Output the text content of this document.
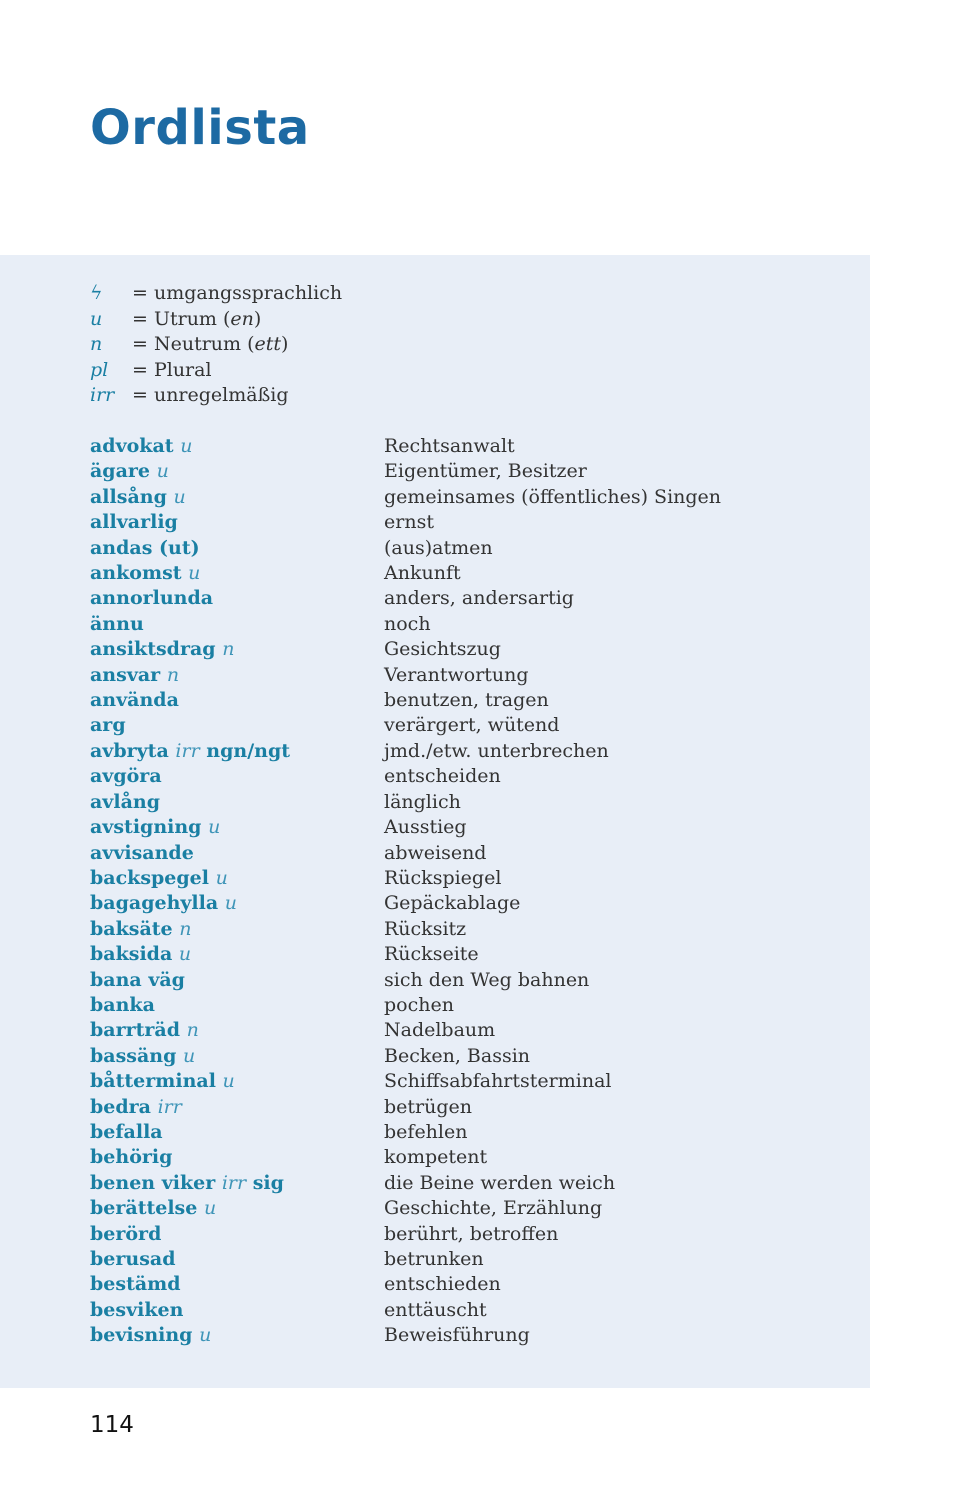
Ordlista
ϟ = umgangssprachlich
u = Utrum (en)
n = Neutrum (ett)
pl = Plural
irr = unregelmäßig
advokat u	Rechtsanwalt
ägare u	Eigentümer, Besitzer
allsång u	gemeinsames (öffentliches) Singen
allvarlig	ernst
andas (ut)	(aus)atmen
ankomst u	Ankunft
annorlunda	anders, andersartig
ännu	noch
ansiktsdrag n	Gesichtszug
ansvar n	Verantwortung
använda	benutzen, tragen
arg	verärgert, wütend
avbryta irr ngn/ngt	jmd./etw. unterbrechen
avgöra	entscheiden
avlång	länglich
avstigning u	Ausstieg
avvisande	abweisend
backspegel u	Rückspiegel
bagagehylla u	Gepäckablage
baksäte n	Rücksitz
baksida u	Rückseite
bana väg	sich den Weg bahnen
banka	pochen
barrträd n	Nadelbaum
bassäng u	Becken, Bassin
båtterminal u	Schiffsabfahrtsterminal
bedra irr	betrügen
befalla	befehlen
behörig	kompetent
benen viker irr sig	die Beine werden weich
berättelse u	Geschichte, Erzählung
berörd	berührt, betroffen
berusad	betrunken
bestämd	entschieden
besviken	enttäuscht
bevisning u	Beweisführung
114
